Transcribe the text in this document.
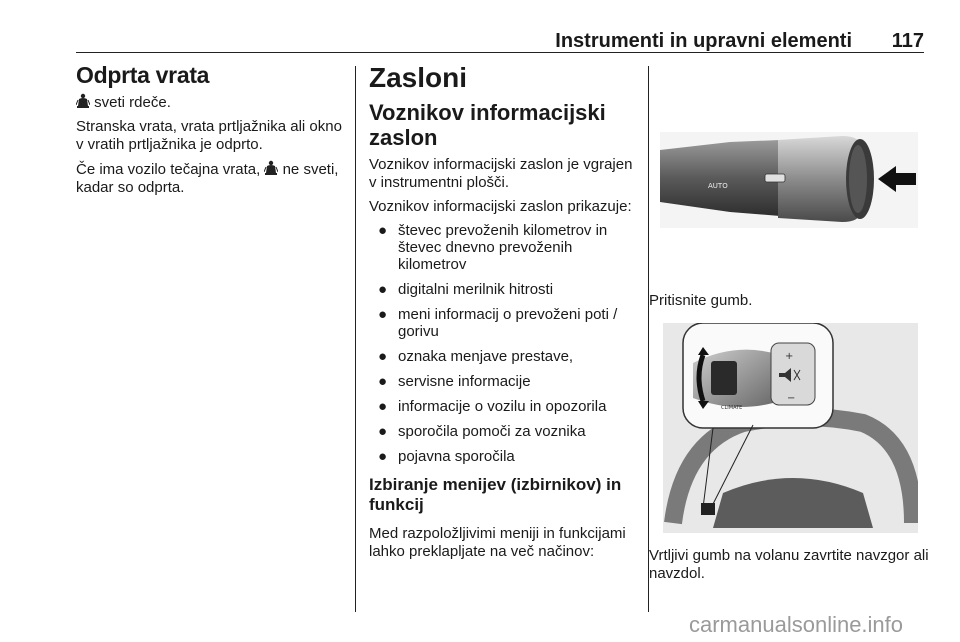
Instrumenti in upravni elementi 117
Odprta vrata

sveti rdeče.

Stranska vrata, vrata prtljažnika ali okno v vratih prtljažnika je odprto.

Če ima vozilo tečajna vrata, ne sveti, kadar so odprta.

Zasloni
Voznikov informacijski zaslon

Voznikov informacijski zaslon je vgrajen v instrumentni plošči.

Voznikov informacijski zaslon prikazuje:

● števec prevoženih kilometrov in števec dnevno prevoženih kilometrov
● digitalni merilnik hitrosti
● meni informacij o prevoženi poti / gorivu
● oznaka menjave prestave,
● servisne informacije
● informacije o vozilu in opozorila
● sporočila pomoči za voznika
● pojavna sporočila
Izbiranje menijev (izbirnikov) in funkcij

Med razpoložljivimi meniji in funkcijami lahko preklapljate na več načinov:

AUTO
Pritisnite gumb.
CLIMATE
+
−
Vrtljivi gumb na volanu zavrtite navzgor ali navzdol.
carmanualsonline.info
